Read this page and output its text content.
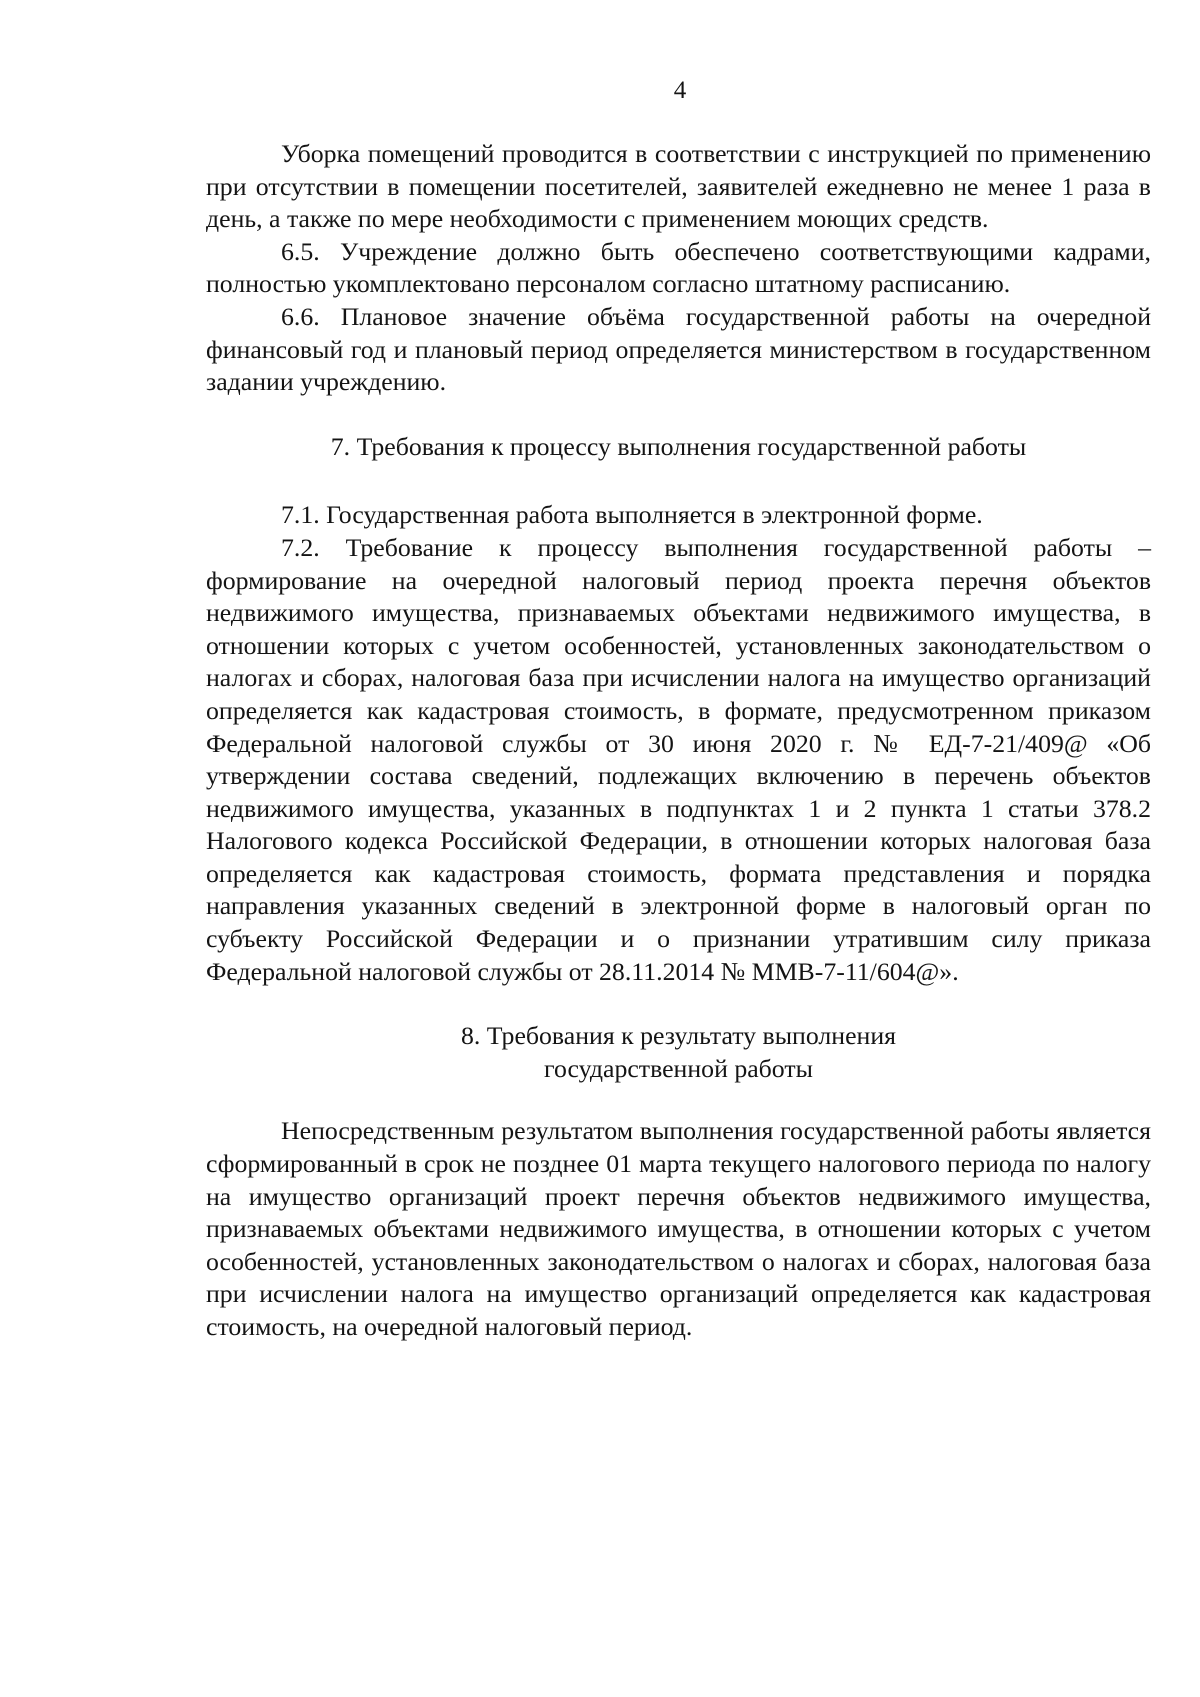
4

Уборка помещений проводится в соответствии с инструкцией по применению при отсутствии в помещении посетителей, заявителей ежедневно не менее 1 раза в день, а также по мере необходимости с применением моющих средств.

6.5. Учреждение должно быть обеспечено соответствующими кадрами, полностью укомплектовано персоналом согласно штатному расписанию.

6.6. Плановое значение объёма государственной работы на очередной финансовый год и плановый период определяется министерством в государственном задании учреждению.

7. Требования к процессу выполнения государственной работы

7.1. Государственная работа выполняется в электронной форме.

7.2. Требование к процессу выполнения государственной работы – формирование на очередной налоговый период проекта перечня объектов недвижимого имущества, признаваемых объектами недвижимого имущества, в отношении которых с учетом особенностей, установленных законодательством о налогах и сборах, налоговая база при исчислении налога на имущество организаций определяется как кадастровая стоимость, в формате, предусмотренном приказом Федеральной налоговой службы от 30 июня 2020 г. № ЕД-7-21/409@ «Об утверждении состава сведений, подлежащих включению в перечень объектов недвижимого имущества, указанных в подпунктах 1 и 2 пункта 1 статьи 378.2 Налогового кодекса Российской Федерации, в отношении которых налоговая база определяется как кадастровая стоимость, формата представления и порядка направления указанных сведений в электронной форме в налоговый орган по субъекту Российской Федерации и о признании утратившим силу приказа Федеральной налоговой службы от 28.11.2014 № ММВ-7-11/604@».

8. Требования к результату выполнения

государственной работы

Непосредственным результатом выполнения государственной работы является сформированный в срок не позднее 01 марта текущего налогового периода по налогу на имущество организаций проект перечня объектов недвижимого имущества, признаваемых объектами недвижимого имущества, в отношении которых с учетом особенностей, установленных законодательством о налогах и сборах, налоговая база при исчислении налога на имущество организаций определяется как кадастровая стоимость, на очередной налоговый период.
